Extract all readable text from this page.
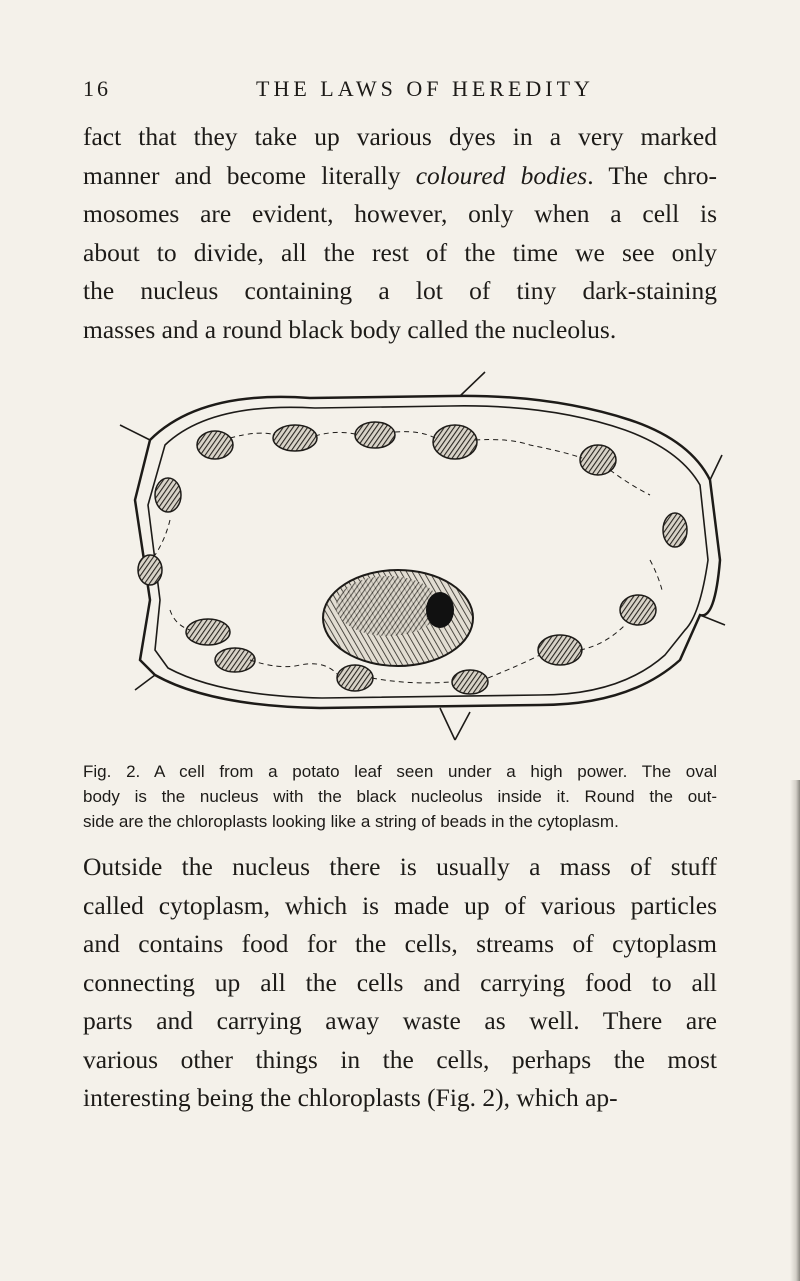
16	THE LAWS OF HEREDITY
fact that they take up various dyes in a very marked
manner and become literally coloured bodies. The chro-
mosomes are evident, however, only when a cell is
about to divide, all the rest of the time we see only
the nucleus containing a lot of tiny dark-staining
masses and a round black body called the nucleolus.
Fig. 2. A cell from a potato leaf seen under a high power. The oval
body is the nucleus with the black nucleolus inside it. Round the out-
side are the chloroplasts looking like a string of beads in the cytoplasm.
Outside the nucleus there is usually a mass of stuff
called cytoplasm, which is made up of various particles
and contains food for the cells, streams of cytoplasm
connecting up all the cells and carrying food to all
parts and carrying away waste as well. There are
various other things in the cells, perhaps the most
interesting being the chloroplasts (Fig. 2), which ap-
